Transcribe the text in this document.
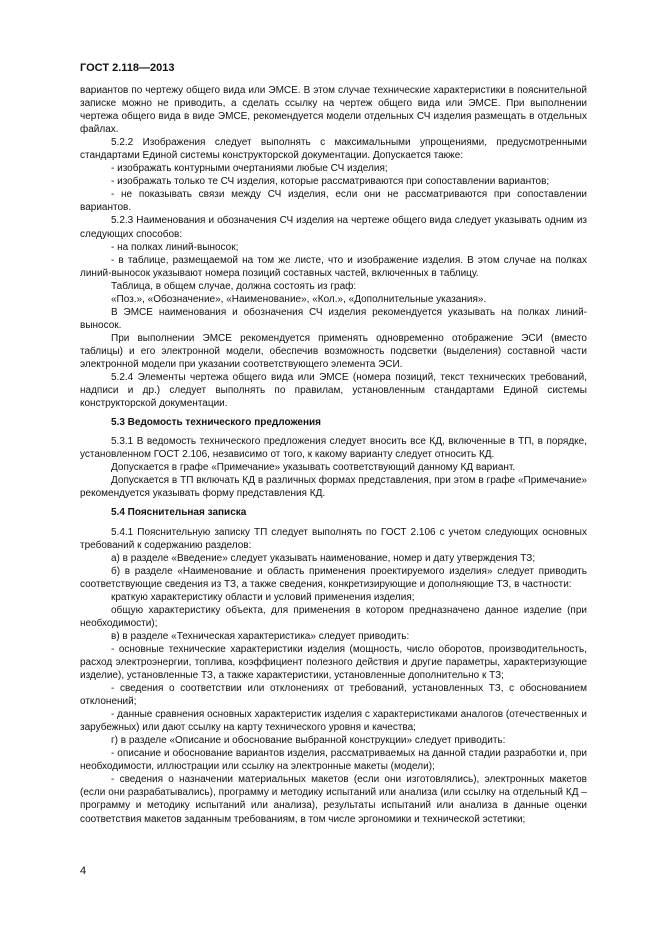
ГОСТ 2.118—2013

вариантов по чертежу общего вида или ЭМСЕ. В этом случае технические характеристики в пояснительной записке можно не приводить, а сделать ссылку на чертеж общего вида или ЭМСЕ. При выполнении чертежа общего вида в виде ЭМСЕ, рекомендуется модели отдельных СЧ изделия размещать в отдельных файлах.

5.2.2 Изображения следует выполнять с максимальными упрощениями, предусмотренными стандартами Единой системы конструкторской документации. Допускается также:

- изображать контурными очертаниями любые СЧ изделия;

- изображать только те СЧ изделия, которые рассматриваются при сопоставлении вариантов;

- не показывать связи между СЧ изделия, если они не рассматриваются при сопоставлении вариантов.

5.2.3 Наименования и обозначения СЧ изделия на чертеже общего вида следует указывать одним из следующих способов:

- на полках линий-выносок;

- в таблице, размещаемой на том же листе, что и изображение изделия. В этом случае на полках линий-выносок указывают номера позиций составных частей, включенных в таблицу.

Таблица, в общем случае, должна состоять из граф:

«Поз.», «Обозначение», «Наименование», «Кол.», «Дополнительные указания».

В ЭМСЕ наименования и обозначения СЧ изделия рекомендуется указывать на полках линий-выносок.

При выполнении ЭМСЕ рекомендуется применять одновременно отображение ЭСИ (вместо таблицы) и его электронной модели, обеспечив возможность подсветки (выделения) составной части электронной модели при указании соответствующего элемента ЭСИ.

5.2.4 Элементы чертежа общего вида или ЭМСЕ (номера позиций, текст технических требований, надписи и др.) следует выполнять по правилам, установленным стандартами Единой системы конструкторской документации.

5.3 Ведомость технического предложения

5.3.1 В ведомость технического предложения следует вносить все КД, включенные в ТП, в порядке, установленном ГОСТ 2.106, независимо от того, к какому варианту следует относить КД.

Допускается в графе «Примечание» указывать соответствующий данному КД вариант.

Допускается в ТП включать КД в различных формах представления, при этом в графе «Примечание» рекомендуется указывать форму представления КД.

5.4 Пояснительная записка

5.4.1 Пояснительную записку ТП следует выполнять по ГОСТ 2.106 с учетом следующих основных требований к содержанию разделов:

а) в разделе «Введение» следует указывать наименование, номер и дату утверждения ТЗ;

б) в разделе «Наименование и область применения проектируемого изделия» следует приводить соответствующие сведения из ТЗ, а также сведения, конкретизирующие и дополняющие ТЗ, в частности:

краткую характеристику области и условий применения изделия;

общую характеристику объекта, для применения в котором предназначено данное изделие (при необходимости);

в) в разделе «Техническая характеристика» следует приводить:

- основные технические характеристики изделия (мощность, число оборотов, производительность, расход электроэнергии, топлива, коэффициент полезного действия и другие параметры, характеризующие изделие), установленные ТЗ, а также характеристики, установленные дополнительно к ТЗ;

- сведения о соответствии или отклонениях от требований, установленных ТЗ, с обоснованием отклонений;

- данные сравнения основных характеристик изделия с характеристиками аналогов (отечественных и зарубежных) или дают ссылку на карту технического уровня и качества;

г) в разделе «Описание и обоснование выбранной конструкции» следует приводить:

- описание и обоснование вариантов изделия, рассматриваемых на данной стадии разработки и, при необходимости, иллюстрации или ссылку на электронные макеты (модели);

- сведения о назначении материальных макетов (если они изготовлялись), электронных макетов (если они разрабатывались), программу и методику испытаний или анализа (или ссылку на отдельный КД – программу и методику испытаний или анализа), результаты испытаний или анализа в данные оценки соответствия макетов заданным требованиям, в том числе эргономики и технической эстетики;

4
